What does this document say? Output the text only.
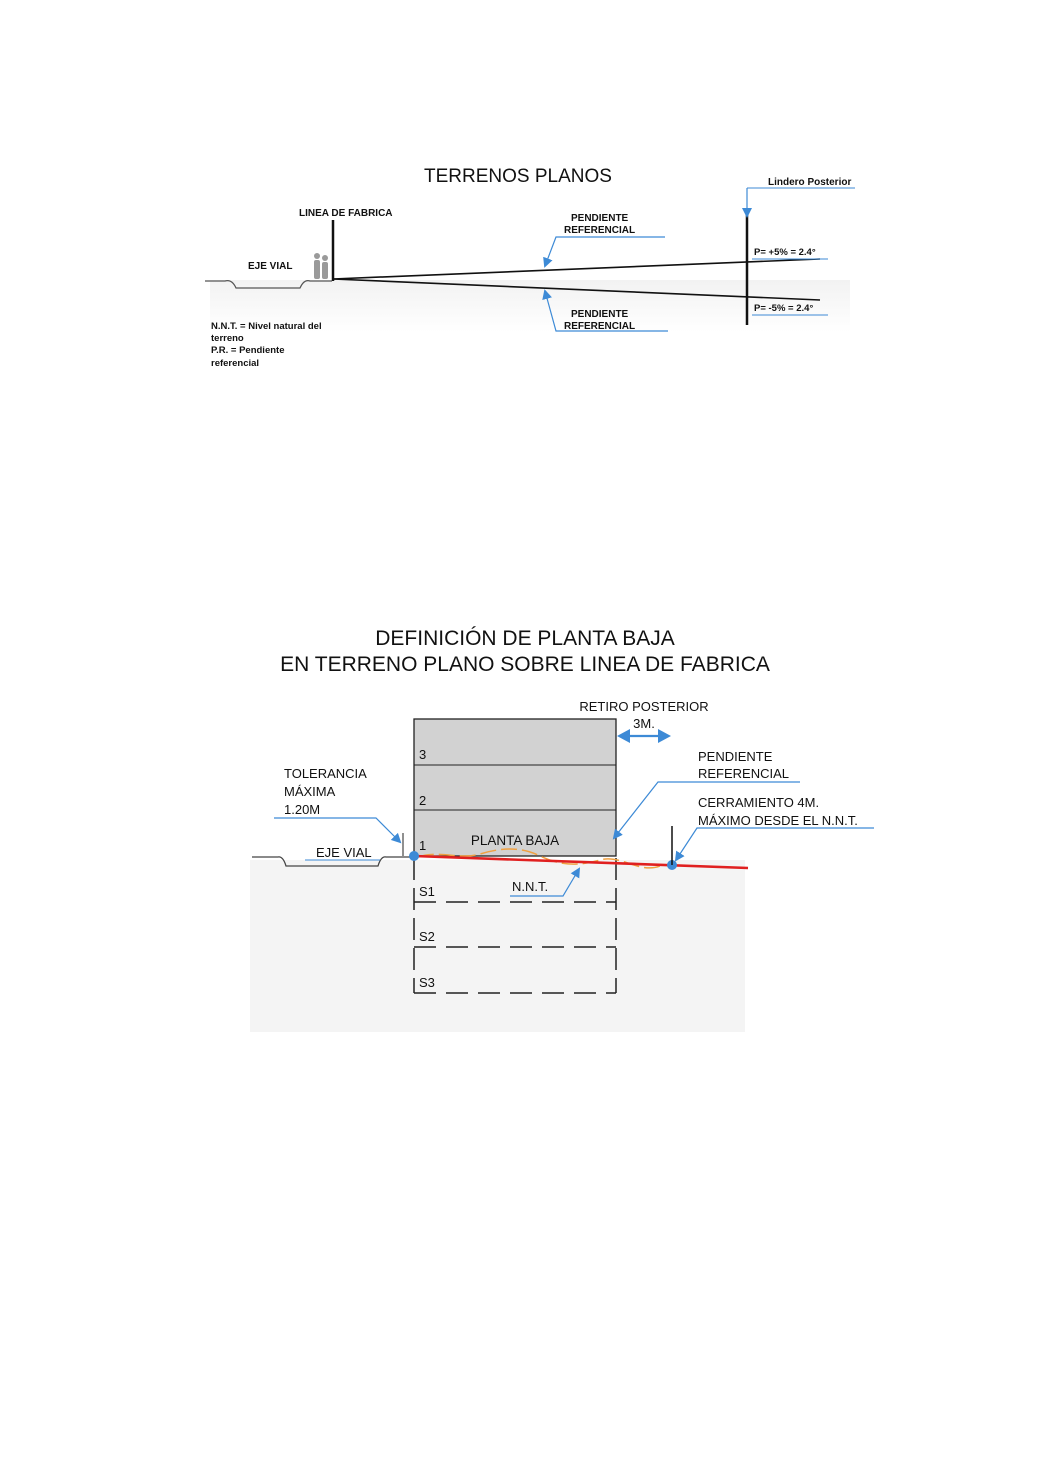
TERRENOS PLANOS
EJE VIAL
LINEA DE FABRICA
Lindero Posterior
P= +5% = 2.4°
P= -5% = 2.4°
PENDIENTE
REFERENCIAL
PENDIENTE
REFERENCIAL
N.N.T. = Nivel natural del
terreno
P.R. = Pendiente
referencial
DEFINICIÓN DE PLANTA BAJA
EN TERRENO PLANO SOBRE LINEA DE FABRICA
3
2
1	PLANTA BAJA
S1
S2
S3
EJE VIAL
CERRAMIENTO 4M.
MÁXIMO DESDE EL N.N.T.
RETIRO POSTERIOR
3M.
PENDIENTE
REFERENCIAL
TOLERANCIA
MÁXIMA
1.20M
N.N.T.
